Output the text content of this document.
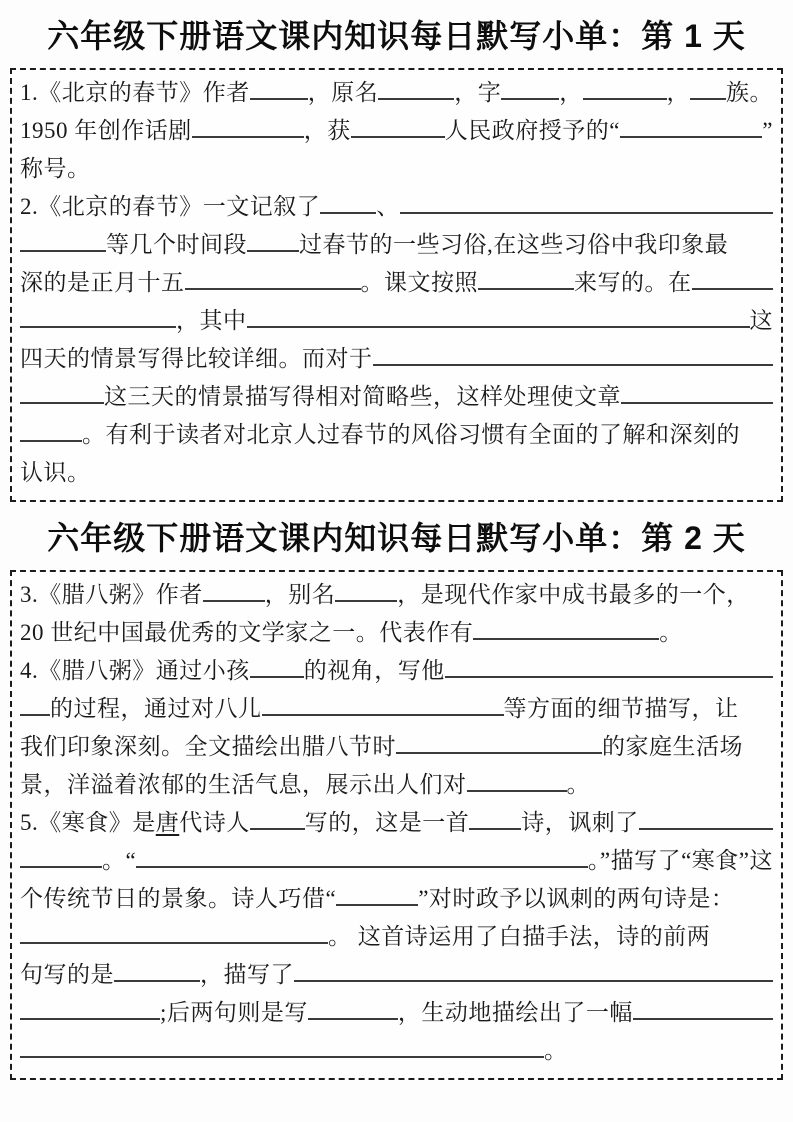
六年级下册语文课内知识每日默写小单：第 1 天
1.《北京的春节》作者	，原名	，字	，	， 族。
1950 年创作话剧	，获	人民政府授予的“	”
称号。
2.《北京的春节》一文记叙了 、
等几个时间段 过春节的一些习俗,在这些习俗中我印象最
深的是正月十五	。课文按照	来写的。在
，其中	这
四天的情景写得比较详细。而对于
这三天的情景描写得相对简略些，这样处理使文章
。有利于读者对北京人过春节的风俗习惯有全面的了解和深刻的
认识。
六年级下册语文课内知识每日默写小单：第 2 天
3.《腊八粥》作者	，别名	，是现代作家中成书最多的一个，
20 世纪中国最优秀的文学家之一。代表作有	。
4.《腊八粥》通过小孩 的视角，写他
的过程，通过对八儿	等方面的细节描写，让
我们印象深刻。全文描绘出腊八节时	的家庭生活场
景，洋溢着浓郁的生活气息，展示出人们对	。
5.《寒食》是 唐 代诗人 写的，这是一首 诗，讽刺了
。“	。”描写了“寒食”这
个传统节日的景象。诗人巧借“	”对时政予以讽刺的两句诗是：
。 这首诗运用了白描手法，诗的前两
句写的是	，描写了
;后两句则是写	，生动地描绘出了一幅
。
